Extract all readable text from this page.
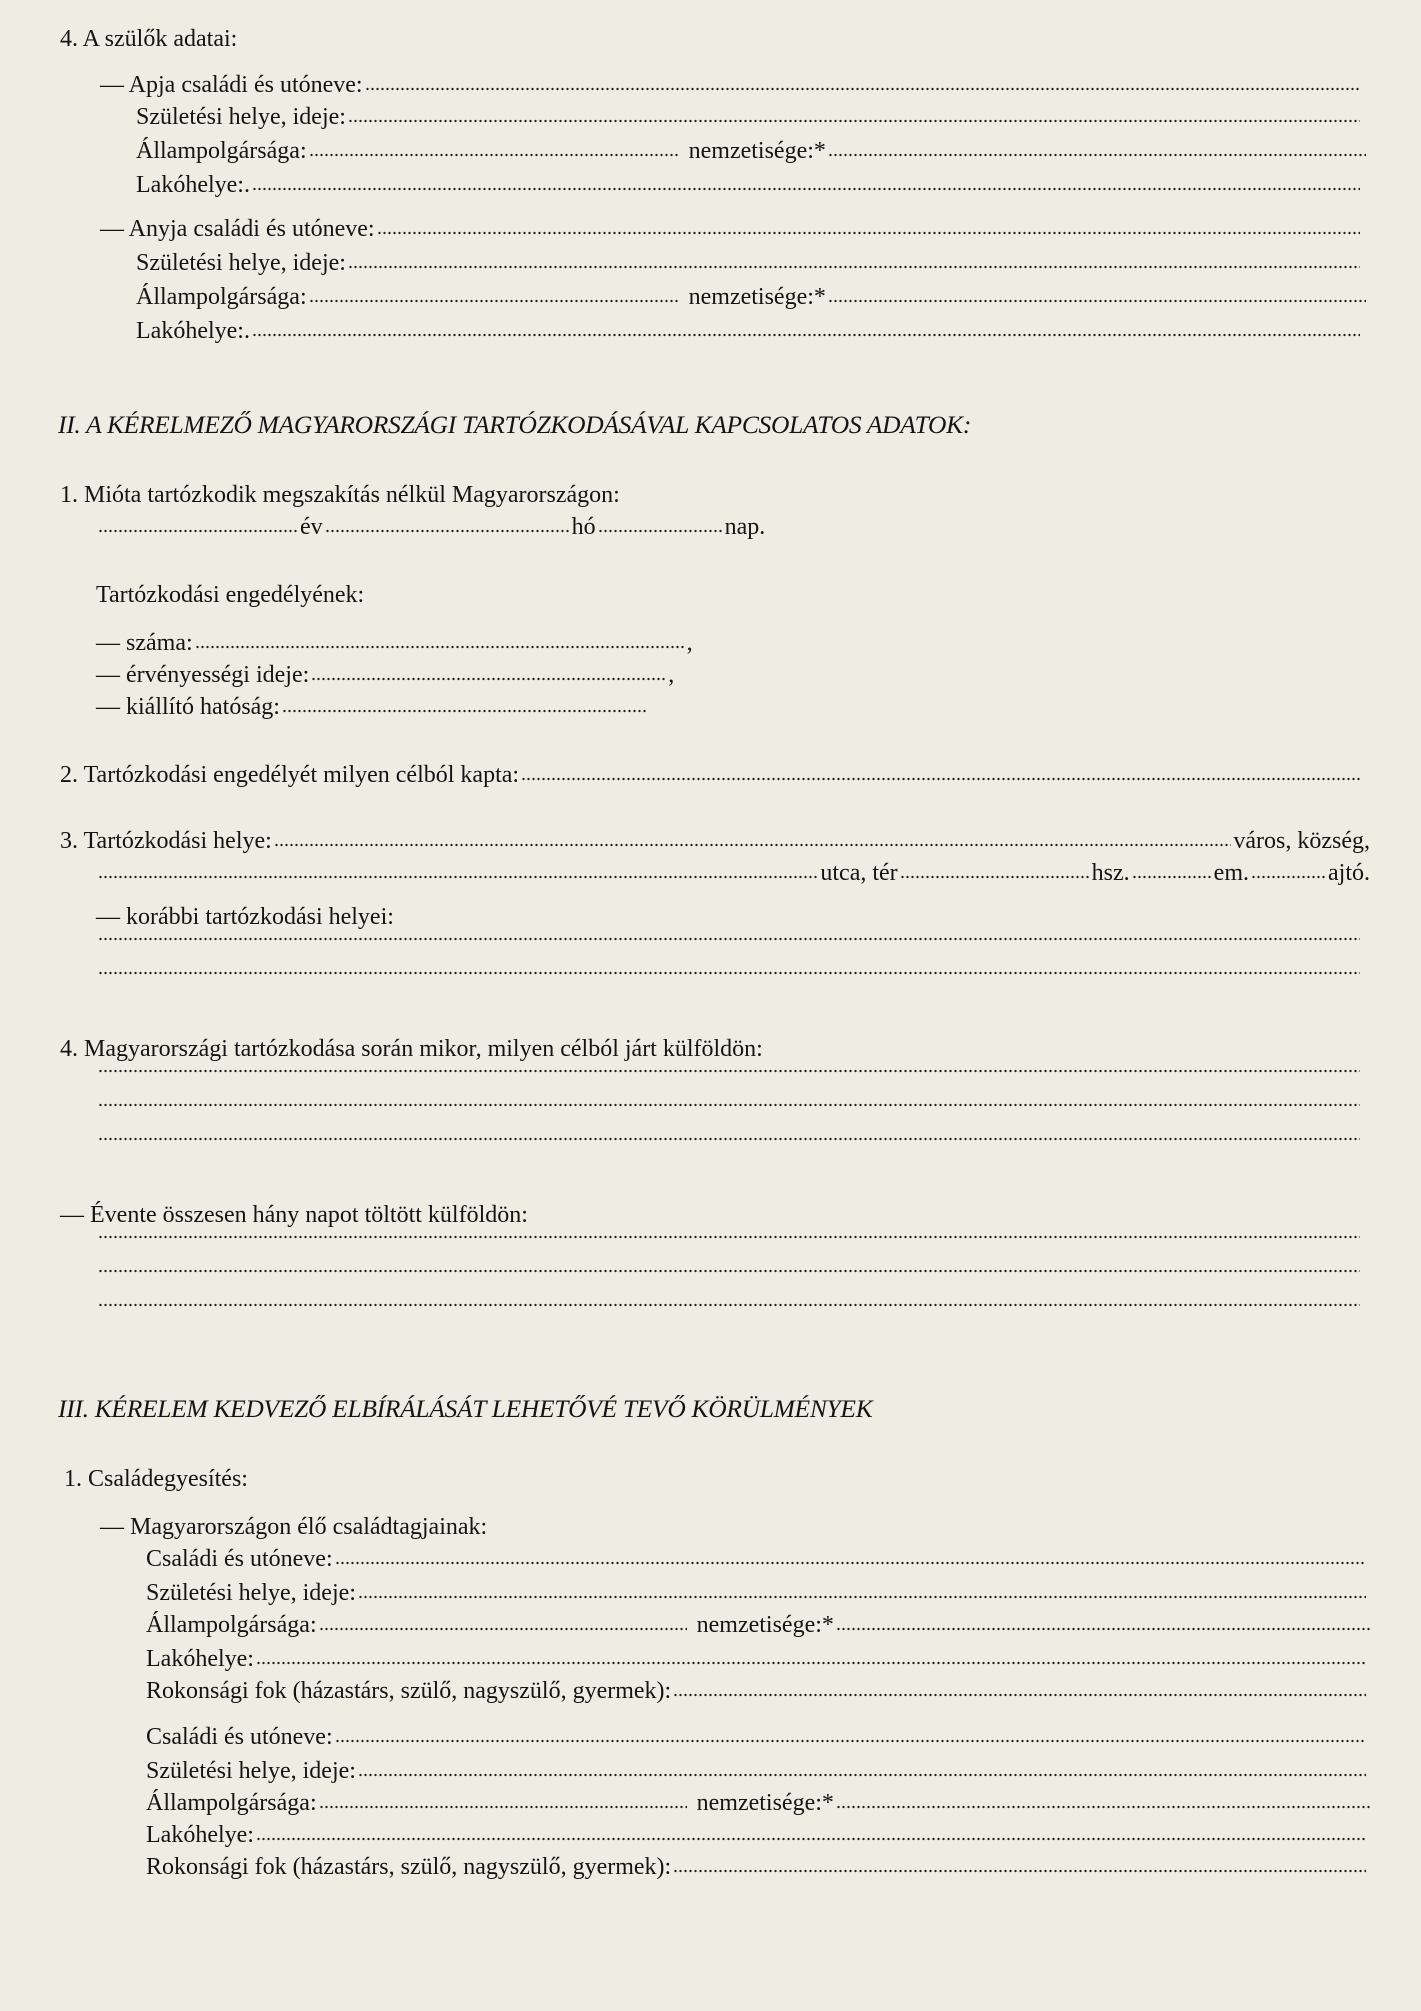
4. A szülők adatai:
— Apja családi és utóneve:
Születési helye, ideje:
Állampolgársága:	nemzetisége:*
Lakóhelye:.
— Anyja családi és utóneve:
Születési helye, ideje:
Állampolgársága:	nemzetisége:*
Lakóhelye:.
II. A KÉRELMEZŐ MAGYARORSZÁGI TARTÓZKODÁSÁVAL KAPCSOLATOS ADATOK:
1. Mióta tartózkodik megszakítás nélkül Magyarországon:
év	hó	nap.
Tartózkodási engedélyének:
— száma:	,
— érvényességi ideje:	,
— kiállító hatóság:
2. Tartózkodási engedélyét milyen célból kapta:
3. Tartózkodási helye:	város, község,
utca, tér	hsz.	em.	ajtó.
— korábbi tartózkodási helyei:
4. Magyarországi tartózkodása során mikor, milyen célból járt külföldön:
— Évente összesen hány napot töltött külföldön:
III. KÉRELEM KEDVEZŐ ELBÍRÁLÁSÁT LEHETŐVÉ TEVŐ KÖRÜLMÉNYEK
1. Családegyesítés:
— Magyarországon élő családtagjainak:
Családi és utóneve:
Születési helye, ideje:
Állampolgársága:	nemzetisége:*
Lakóhelye:
Rokonsági fok (házastárs, szülő, nagyszülő, gyermek):
Családi és utóneve:
Születési helye, ideje:
Állampolgársága:	nemzetisége:*
Lakóhelye:
Rokonsági fok (házastárs, szülő, nagyszülő, gyermek):
